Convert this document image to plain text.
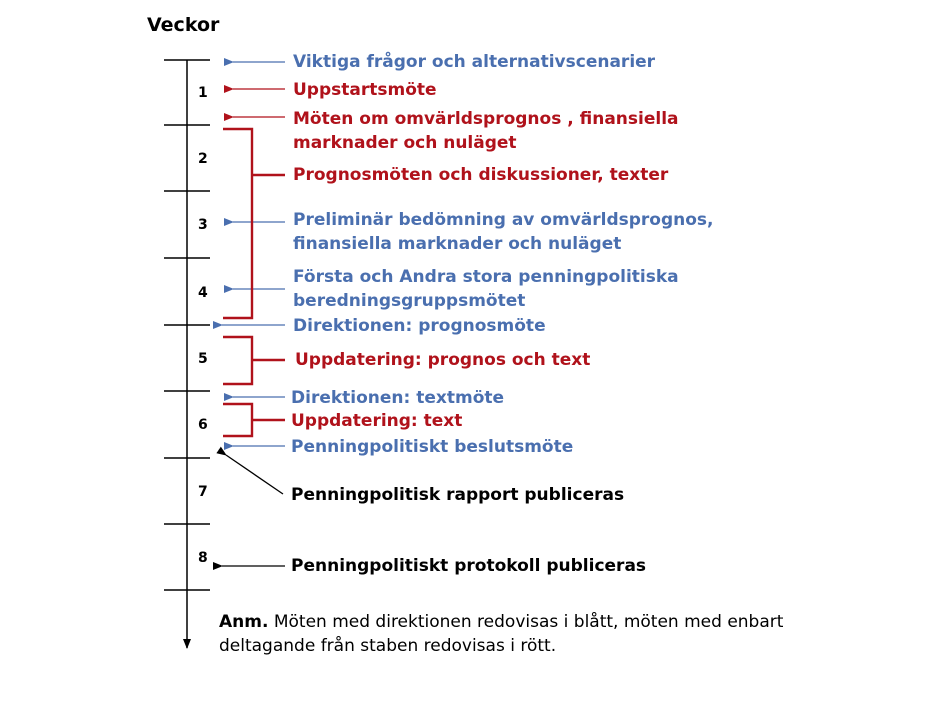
Veckor
1
2
3
4
5
6
7
8
Viktiga frågor och alternativscenarier
Uppstartsmöte
Möten om omvärldsprognos , finansiella
marknader och nuläget
Prognosmöten och diskussioner, texter
Preliminär bedömning av omvärldsprognos,
finansiella marknader och nuläget
Första och Andra stora penningpolitiska
beredningsgruppsmötet
Direktionen: prognosmöte
Uppdatering: prognos och text
Direktionen: textmöte
Uppdatering: text
Penningpolitiskt beslutsmöte
Penningpolitisk rapport publiceras
Penningpolitiskt protokoll publiceras
Anm. Möten med direktionen redovisas i blått, möten med enbart
deltagande från staben redovisas i rött.
